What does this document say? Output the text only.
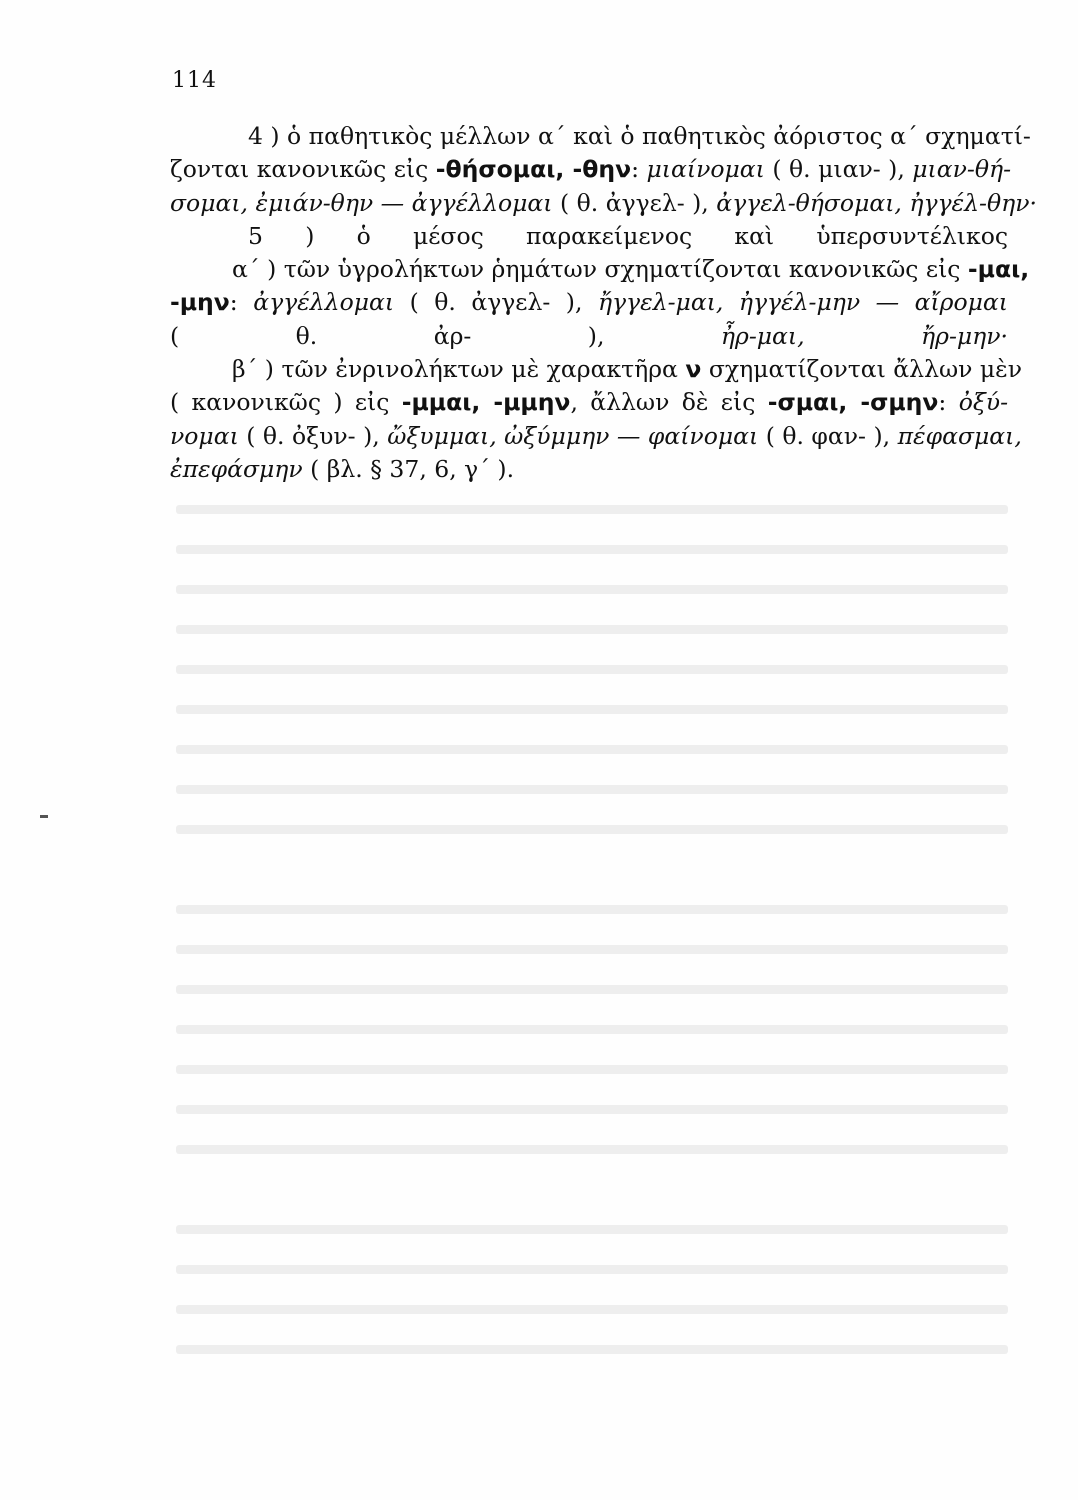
114
4 ) ὁ παθητικὸς μέλλων α΄ καὶ ὁ παθητικὸς ἀόριστος α΄ σχηματί-
ζονται κανονικῶς εἰς -θήσομαι, -θην: μιαίνομαι ( θ. μιαν- ), μιαν-θή-
σομαι, ἐμιάν-θην — ἀγγέλλομαι ( θ. ἀγγελ- ), ἀγγελ-θήσομαι, ἠγγέλ-θην·
5 ) ὁ μέσος παρακείμενος καὶ ὑπερσυντέλικος
α΄ ) τῶν ὑγρολήκτων ῥημάτων σχηματίζονται κανονικῶς εἰς -μαι,
-μην: ἀγγέλλομαι ( θ. ἀγγελ- ), ἤγγελ-μαι, ἠγγέλ-μην — αἴρομαι
( θ. ἀρ- ), ἦρ-μαι, ἤρ-μην·
β΄ ) τῶν ἐνρινολήκτων μὲ χαρακτῆρα ν σχηματίζονται ἄλλων μὲν
( κανονικῶς ) εἰς -μμαι, -μμην, ἄλλων δὲ εἰς -σμαι, -σμην: ὀξύ-
νομαι ( θ. ὀξυν- ), ὤξυμμαι, ὠξύμμην — φαίνομαι ( θ. φαν- ), πέφασμαι,
ἐπεφάσμην ( βλ. § 37, 6, γ΄ ).
